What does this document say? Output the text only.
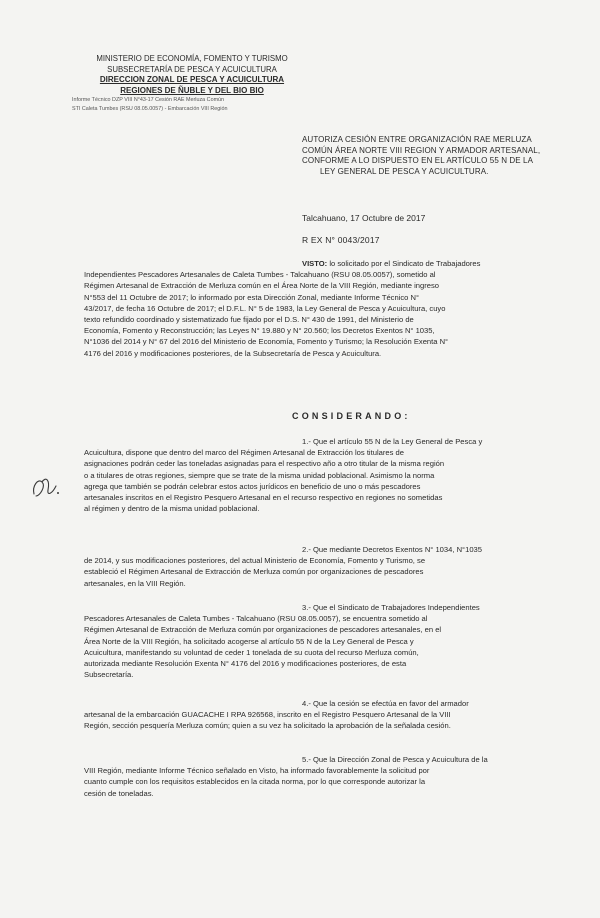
MINISTERIO DE ECONOMÍA, FOMENTO Y TURISMO
SUBSECRETARÍA DE PESCA Y ACUICULTURA
DIRECCION ZONAL DE PESCA Y ACUICULTURA
REGIONES DE ÑUBLE Y DEL BIO BIO
Informe Técnico DZP VIII N°43-17 Cesión RAE Merluza Común
STI Caleta Tumbes (RSU 08.05.0057) - Embarcación VIII Región
AUTORIZA CESIÓN ENTRE ORGANIZACIÓN RAE MERLUZA
COMÚN ÁREA NORTE VIII REGION Y ARMADOR ARTESANAL,
CONFORME A LO DISPUESTO EN EL ARTÍCULO 55 N DE LA
LEY GENERAL DE PESCA Y ACUICULTURA.
Talcahuano, 17 Octubre de 2017
R EX N° 0043/2017
VISTO: lo solicitado por el Sindicato de Trabajadores
Independientes Pescadores Artesanales de Caleta Tumbes - Talcahuano (RSU 08.05.0057), sometido al
Régimen Artesanal de Extracción de Merluza común en el Área Norte de la VIII Región, mediante ingreso
N°553 del 11 Octubre de 2017; lo informado por esta Dirección Zonal, mediante Informe Técnico N°
43/2017, de fecha 16 Octubre de 2017; el D.F.L. N° 5 de 1983, la Ley General de Pesca y Acuicultura, cuyo
texto refundido coordinado y sistematizado fue fijado por el D.S. N° 430 de 1991, del Ministerio de
Economía, Fomento y Reconstrucción; las Leyes N° 19.880 y N° 20.560; los Decretos Exentos N° 1035,
N°1036 del 2014 y N° 67 del 2016 del Ministerio de Economía, Fomento y Turismo; la Resolución Exenta N°
4176 del 2016 y modificaciones posteriores, de la Subsecretaría de Pesca y Acuicultura.
CONSIDERANDO:
1.- Que el artículo 55 N de la Ley General de Pesca y
Acuicultura, dispone que dentro del marco del Régimen Artesanal de Extracción los titulares de
asignaciones podrán ceder las toneladas asignadas para el respectivo año a otro titular de la misma región
o a titulares de otras regiones, siempre que se trate de la misma unidad poblacional. Asimismo la norma
agrega que también se podrán celebrar estos actos jurídicos en beneficio de uno o más pescadores
artesanales inscritos en el Registro Pesquero Artesanal en el recurso respectivo en regiones no sometidas
al régimen y dentro de la misma unidad poblacional.
2.- Que mediante Decretos Exentos N° 1034, N°1035
de 2014, y sus modificaciones posteriores, del actual Ministerio de Economía, Fomento y Turismo, se
estableció el Régimen Artesanal de Extracción de Merluza común por organizaciones de pescadores
artesanales, en la VIII Región.
3.- Que el Sindicato de Trabajadores Independientes
Pescadores Artesanales de Caleta Tumbes - Talcahuano (RSU 08.05.0057), se encuentra sometido al
Régimen Artesanal de Extracción de Merluza común por organizaciones de pescadores artesanales, en el
Área Norte de la VIII Región, ha solicitado acogerse al artículo 55 N de la Ley General de Pesca y
Acuicultura, manifestando su voluntad de ceder 1 tonelada de su cuota del recurso Merluza común,
autorizada mediante Resolución Exenta N° 4176 del 2016 y modificaciones posteriores, de esta
Subsecretaría.
4.- Que la cesión se efectúa en favor del armador
artesanal de la embarcación GUACACHE I RPA 926568, inscrito en el Registro Pesquero Artesanal de la VIII
Región, sección pesquería Merluza común; quien a su vez ha solicitado la aprobación de la señalada cesión.
5.- Que la Dirección Zonal de Pesca y Acuicultura de la
VIII Región, mediante Informe Técnico señalado en Visto, ha informado favorablemente la solicitud por
cuanto cumple con los requisitos establecidos en la citada norma, por lo que corresponde autorizar la
cesión de toneladas.
